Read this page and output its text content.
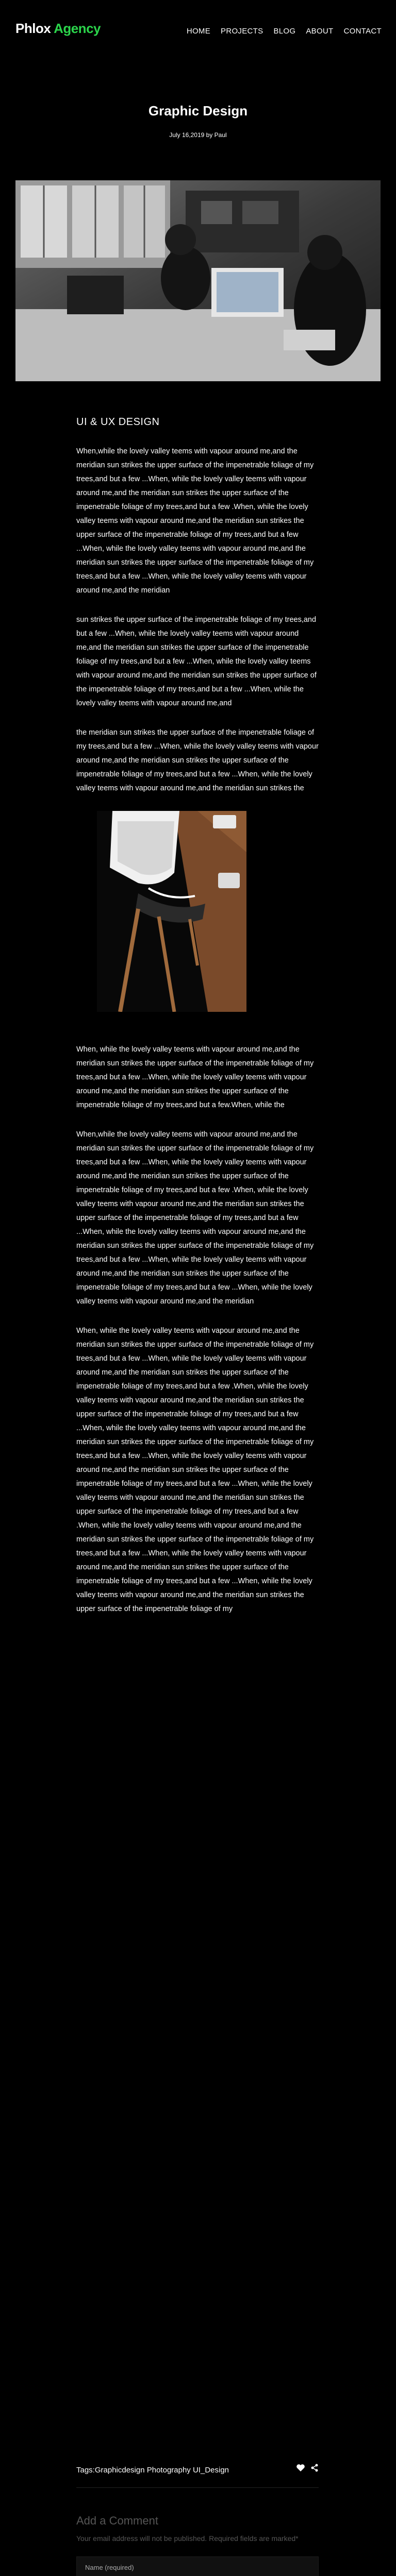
Phlox Agency	HOME PROJECTS BLOG ABOUT CONTACT
Graphic Design
July 16,2019 by Paul
UI & UX DESIGN

When,while the lovely valley teems with vapour around me,and the meridian sun strikes the upper surface of the impenetrable foliage of my trees,and but a few ...When, while the lovely valley teems with vapour around me,and the meridian sun strikes the upper surface of the impenetrable foliage of my trees,and but a few .When, while the lovely valley teems with vapour around me,and the meridian sun strikes the upper surface of the impenetrable foliage of my trees,and but a few ...When, while the lovely valley teems with vapour around me,and the meridian sun strikes the upper surface of the impenetrable foliage of my trees,and but a few ...When, while the lovely valley teems with vapour around me,and the meridian

sun strikes the upper surface of the impenetrable foliage of my trees,and but a few ...When, while the lovely valley teems with vapour around me,and the meridian sun strikes the upper surface of the impenetrable foliage of my trees,and but a few ...When, while the lovely valley teems with vapour around me,and the meridian sun strikes the upper surface of the impenetrable foliage of my trees,and but a few ...When, while the lovely valley teems with vapour around me,and

the meridian sun strikes the upper surface of the impenetrable foliage of my trees,and but a few ...When, while the lovely valley teems with vapour around me,and the meridian sun strikes the upper surface of the impenetrable foliage of my trees,and but a few ...When, while the lovely valley teems with vapour around me,and the meridian sun strikes the

When, while the lovely valley teems with vapour around me,and the meridian sun strikes the upper surface of the impenetrable foliage of my trees,and but a few ...When, while the lovely valley teems with vapour around me,and the meridian sun strikes the upper surface of the impenetrable foliage of my trees,and but a few.When, while the

When,while the lovely valley teems with vapour around me,and the meridian sun strikes the upper surface of the impenetrable foliage of my trees,and but a few ...When, while the lovely valley teems with vapour around me,and the meridian sun strikes the upper surface of the impenetrable foliage of my trees,and but a few .When, while the lovely valley teems with vapour around me,and the meridian sun strikes the upper surface of the impenetrable foliage of my trees,and but a few ...When, while the lovely valley teems with vapour around me,and the meridian sun strikes the upper surface of the impenetrable foliage of my trees,and but a few ...When, while the lovely valley teems with vapour around me,and the meridian sun strikes the upper surface of the impenetrable foliage of my trees,and but a few ...When, while the lovely valley teems with vapour around me,and the meridian

When, while the lovely valley teems with vapour around me,and the meridian sun strikes the upper surface of the impenetrable foliage of my trees,and but a few ...When, while the lovely valley teems with vapour around me,and the meridian sun strikes the upper surface of the impenetrable foliage of my trees,and but a few .When, while the lovely valley teems with vapour around me,and the meridian sun strikes the upper surface of the impenetrable foliage of my trees,and but a few ...When, while the lovely valley teems with vapour around me,and the meridian sun strikes the upper surface of the impenetrable foliage of my trees,and but a few ...When, while the lovely valley teems with vapour around me,and the meridian sun strikes the upper surface of the impenetrable foliage of my trees,and but a few ...When, while the lovely valley teems with vapour around me,and the meridian sun strikes the upper surface of the impenetrable foliage of my trees,and but a few .When, while the lovely valley teems with vapour around me,and the meridian sun strikes the upper surface of the impenetrable foliage of my trees,and but a few ...When, while the lovely valley teems with vapour around me,and the meridian sun strikes the upper surface of the impenetrable foliage of my trees,and but a few ...When, while the lovely valley teems with vapour around me,and the meridian sun strikes the upper surface of the impenetrable foliage of my

Tags:Graphicdesign Photography UI_Design
Add a Comment
Your email address will not be published. Required fields are marked*
Name (required)
